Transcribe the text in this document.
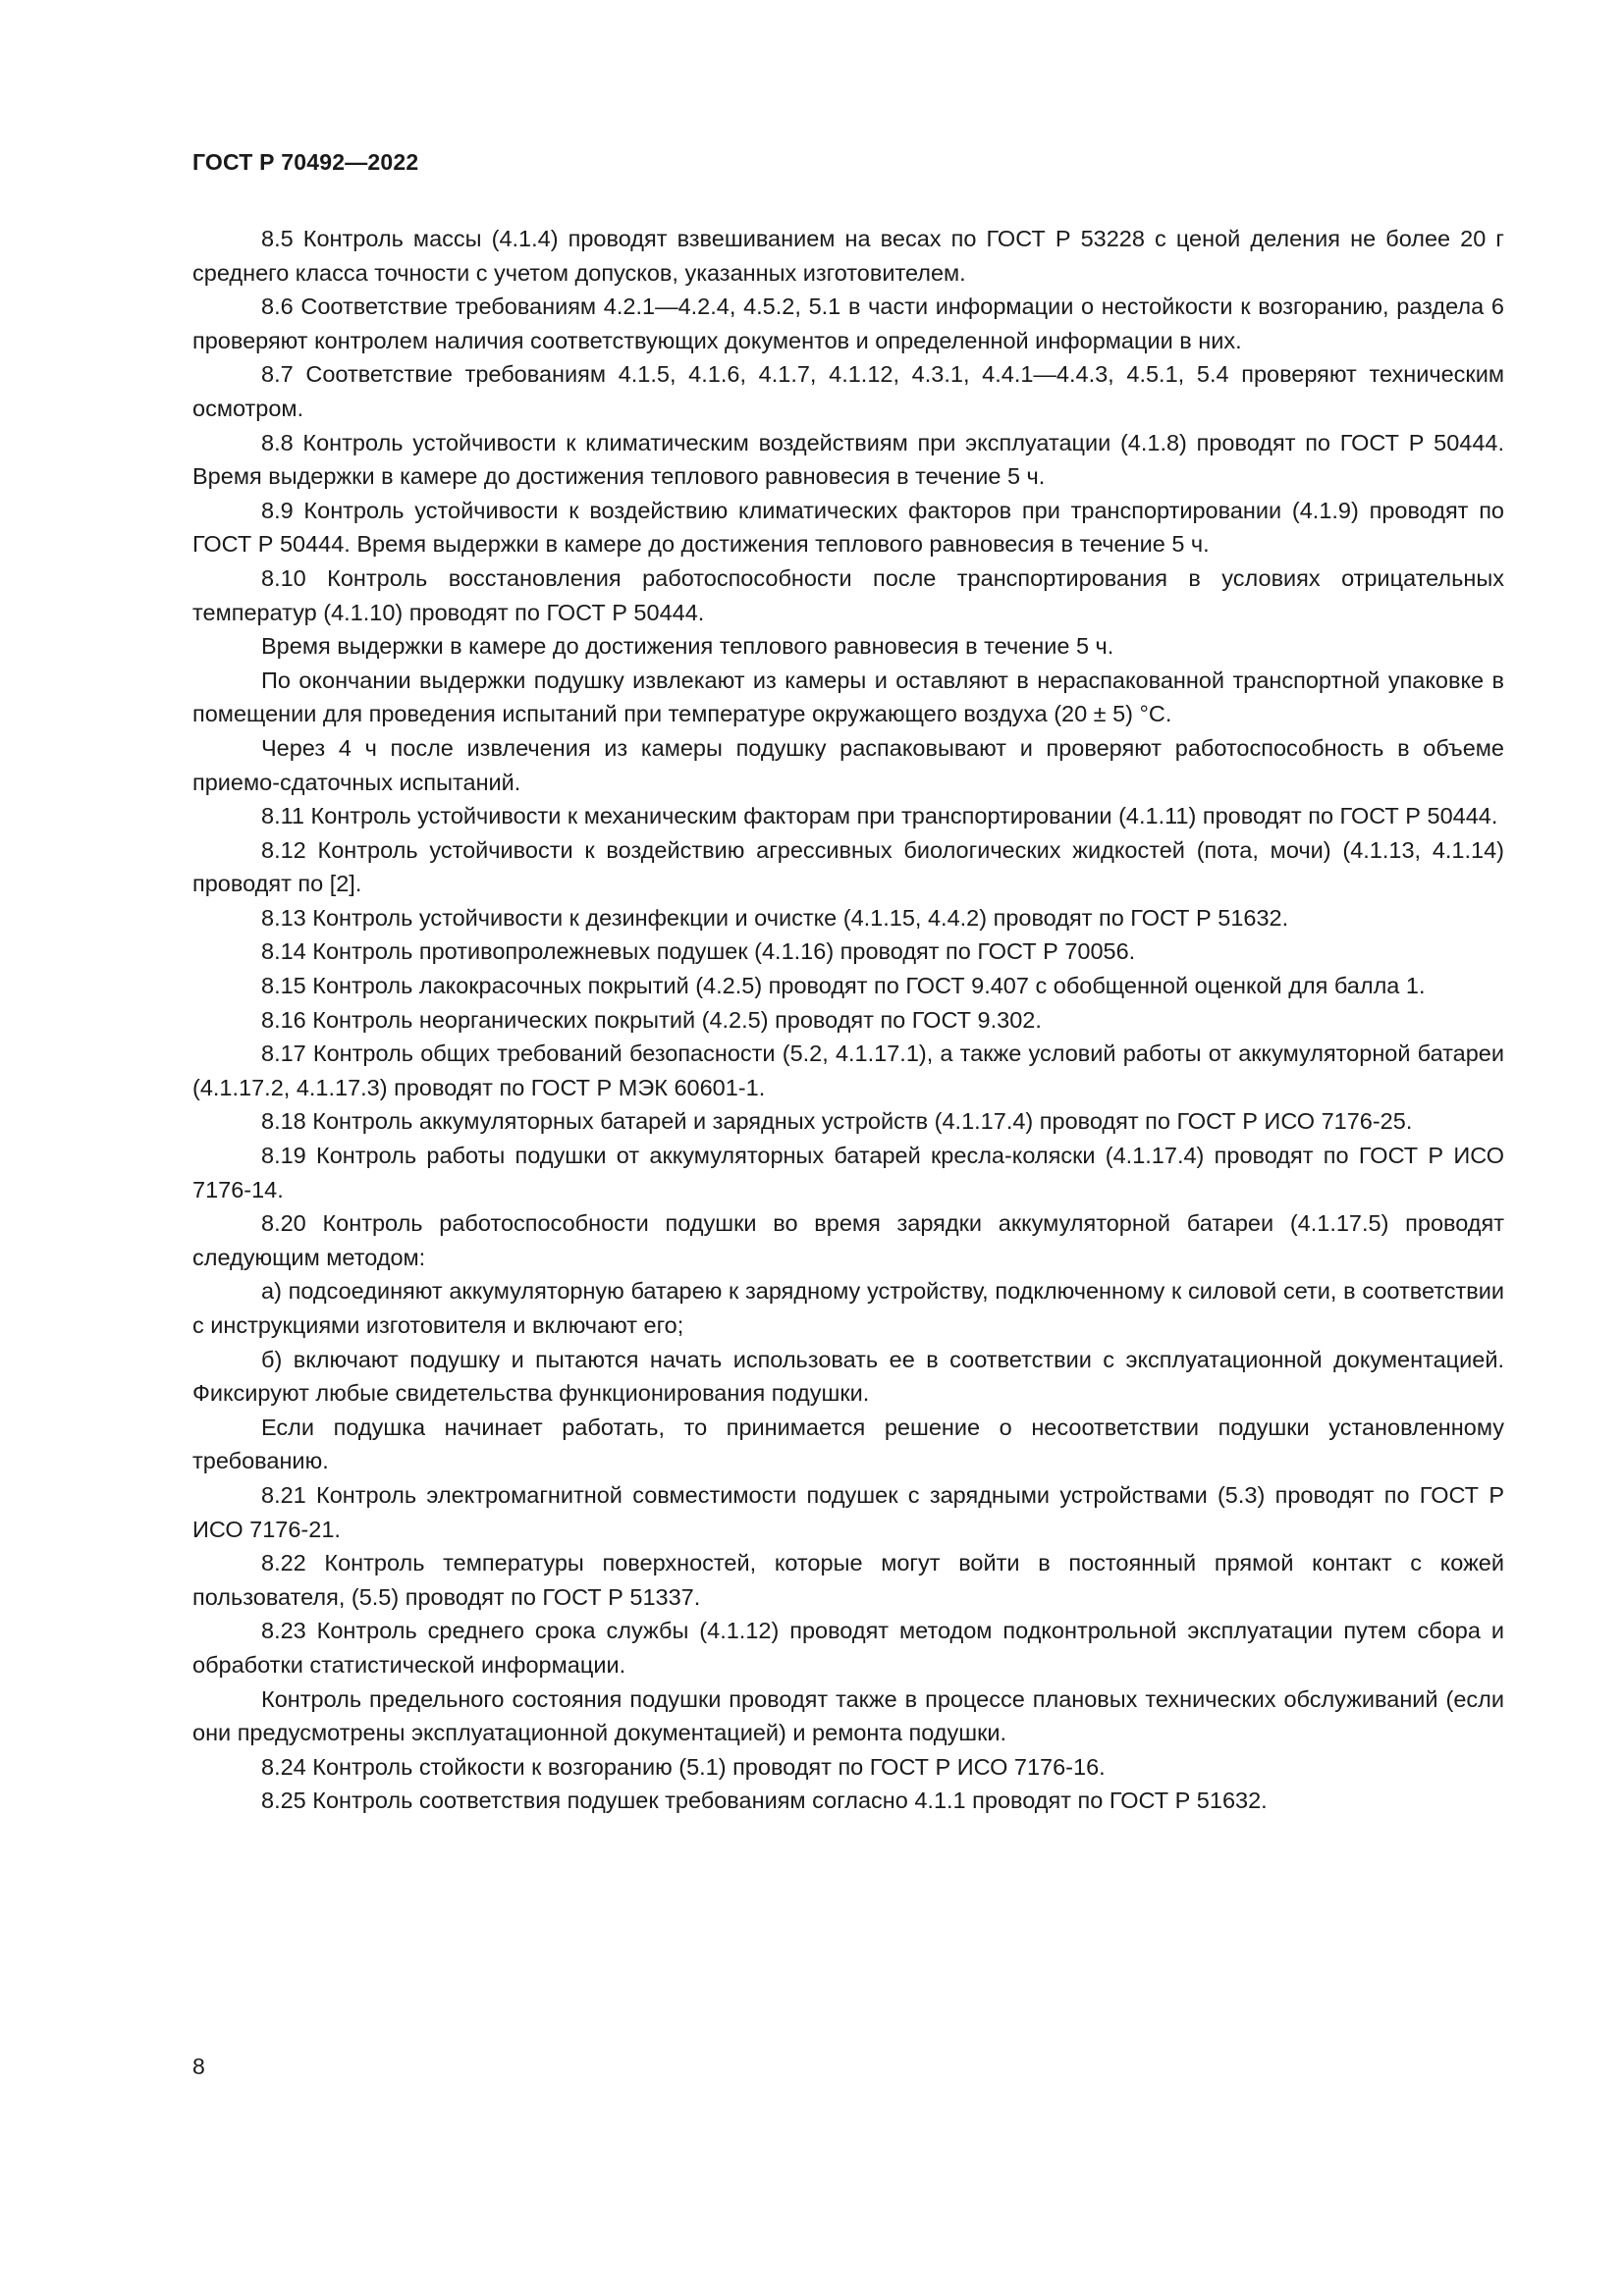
ГОСТ Р 70492—2022

8.5 Контроль массы (4.1.4) проводят взвешиванием на весах по ГОСТ Р 53228 с ценой деления не более 20 г среднего класса точности с учетом допусков, указанных изготовителем.

8.6 Соответствие требованиям 4.2.1—4.2.4, 4.5.2, 5.1 в части информации о нестойкости к возгоранию, раздела 6 проверяют контролем наличия соответствующих документов и определенной информации в них.

8.7 Соответствие требованиям 4.1.5, 4.1.6, 4.1.7, 4.1.12, 4.3.1, 4.4.1—4.4.3, 4.5.1, 5.4 проверяют техническим осмотром.

8.8 Контроль устойчивости к климатическим воздействиям при эксплуатации (4.1.8) проводят по ГОСТ Р 50444. Время выдержки в камере до достижения теплового равновесия в течение 5 ч.

8.9 Контроль устойчивости к воздействию климатических факторов при транспортировании (4.1.9) проводят по ГОСТ Р 50444. Время выдержки в камере до достижения теплового равновесия в течение 5 ч.

8.10 Контроль восстановления работоспособности после транспортирования в условиях отрицательных температур (4.1.10) проводят по ГОСТ Р 50444.

Время выдержки в камере до достижения теплового равновесия в течение 5 ч.

По окончании выдержки подушку извлекают из камеры и оставляют в нераспакованной транспортной упаковке в помещении для проведения испытаний при температуре окружающего воздуха (20 ± 5) °С.

Через 4 ч после извлечения из камеры подушку распаковывают и проверяют работоспособность в объеме приемо-сдаточных испытаний.

8.11 Контроль устойчивости к механическим факторам при транспортировании (4.1.11) проводят по ГОСТ Р 50444.

8.12 Контроль устойчивости к воздействию агрессивных биологических жидкостей (пота, мочи) (4.1.13, 4.1.14) проводят по [2].

8.13 Контроль устойчивости к дезинфекции и очистке (4.1.15, 4.4.2) проводят по ГОСТ Р 51632.

8.14 Контроль противопролежневых подушек (4.1.16) проводят по ГОСТ Р 70056.

8.15 Контроль лакокрасочных покрытий (4.2.5) проводят по ГОСТ 9.407 с обобщенной оценкой для балла 1.

8.16 Контроль неорганических покрытий (4.2.5) проводят по ГОСТ 9.302.

8.17 Контроль общих требований безопасности (5.2, 4.1.17.1), а также условий работы от аккумуляторной батареи (4.1.17.2, 4.1.17.3) проводят по ГОСТ Р МЭК 60601-1.

8.18 Контроль аккумуляторных батарей и зарядных устройств (4.1.17.4) проводят по ГОСТ Р ИСО 7176-25.

8.19 Контроль работы подушки от аккумуляторных батарей кресла-коляски (4.1.17.4) проводят по ГОСТ Р ИСО 7176-14.

8.20 Контроль работоспособности подушки во время зарядки аккумуляторной батареи (4.1.17.5) проводят следующим методом:

а) подсоединяют аккумуляторную батарею к зарядному устройству, подключенному к силовой сети, в соответствии с инструкциями изготовителя и включают его;

б) включают подушку и пытаются начать использовать ее в соответствии с эксплуатационной документацией. Фиксируют любые свидетельства функционирования подушки.

Если подушка начинает работать, то принимается решение о несоответствии подушки установленному требованию.

8.21 Контроль электромагнитной совместимости подушек с зарядными устройствами (5.3) проводят по ГОСТ Р ИСО 7176-21.

8.22 Контроль температуры поверхностей, которые могут войти в постоянный прямой контакт с кожей пользователя, (5.5) проводят по ГОСТ Р 51337.

8.23 Контроль среднего срока службы (4.1.12) проводят методом подконтрольной эксплуатации путем сбора и обработки статистической информации.

Контроль предельного состояния подушки проводят также в процессе плановых технических обслуживаний (если они предусмотрены эксплуатационной документацией) и ремонта подушки.

8.24 Контроль стойкости к возгоранию (5.1) проводят по ГОСТ Р ИСО 7176-16.

8.25 Контроль соответствия подушек требованиям согласно 4.1.1 проводят по ГОСТ Р 51632.

8
